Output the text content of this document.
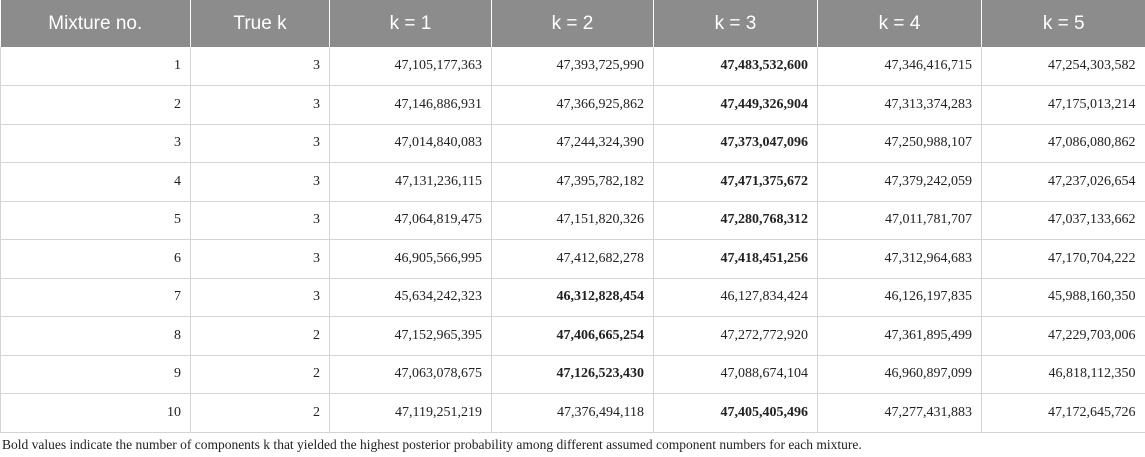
Mixture no.	True k	k = 1	k = 2	k = 3	k = 4	k = 5
1	3	47,105,177,363	47,393,725,990	47,483,532,600	47,346,416,715	47,254,303,582
2	3	47,146,886,931	47,366,925,862	47,449,326,904	47,313,374,283	47,175,013,214
3	3	47,014,840,083	47,244,324,390	47,373,047,096	47,250,988,107	47,086,080,862
4	3	47,131,236,115	47,395,782,182	47,471,375,672	47,379,242,059	47,237,026,654
5	3	47,064,819,475	47,151,820,326	47,280,768,312	47,011,781,707	47,037,133,662
6	3	46,905,566,995	47,412,682,278	47,418,451,256	47,312,964,683	47,170,704,222
7	3	45,634,242,323	46,312,828,454	46,127,834,424	46,126,197,835	45,988,160,350
8	2	47,152,965,395	47,406,665,254	47,272,772,920	47,361,895,499	47,229,703,006
9	2	47,063,078,675	47,126,523,430	47,088,674,104	46,960,897,099	46,818,112,350
10	2	47,119,251,219	47,376,494,118	47,405,405,496	47,277,431,883	47,172,645,726
Bold values indicate the number of components k that yielded the highest posterior probability among different assumed component numbers for each mixture.
